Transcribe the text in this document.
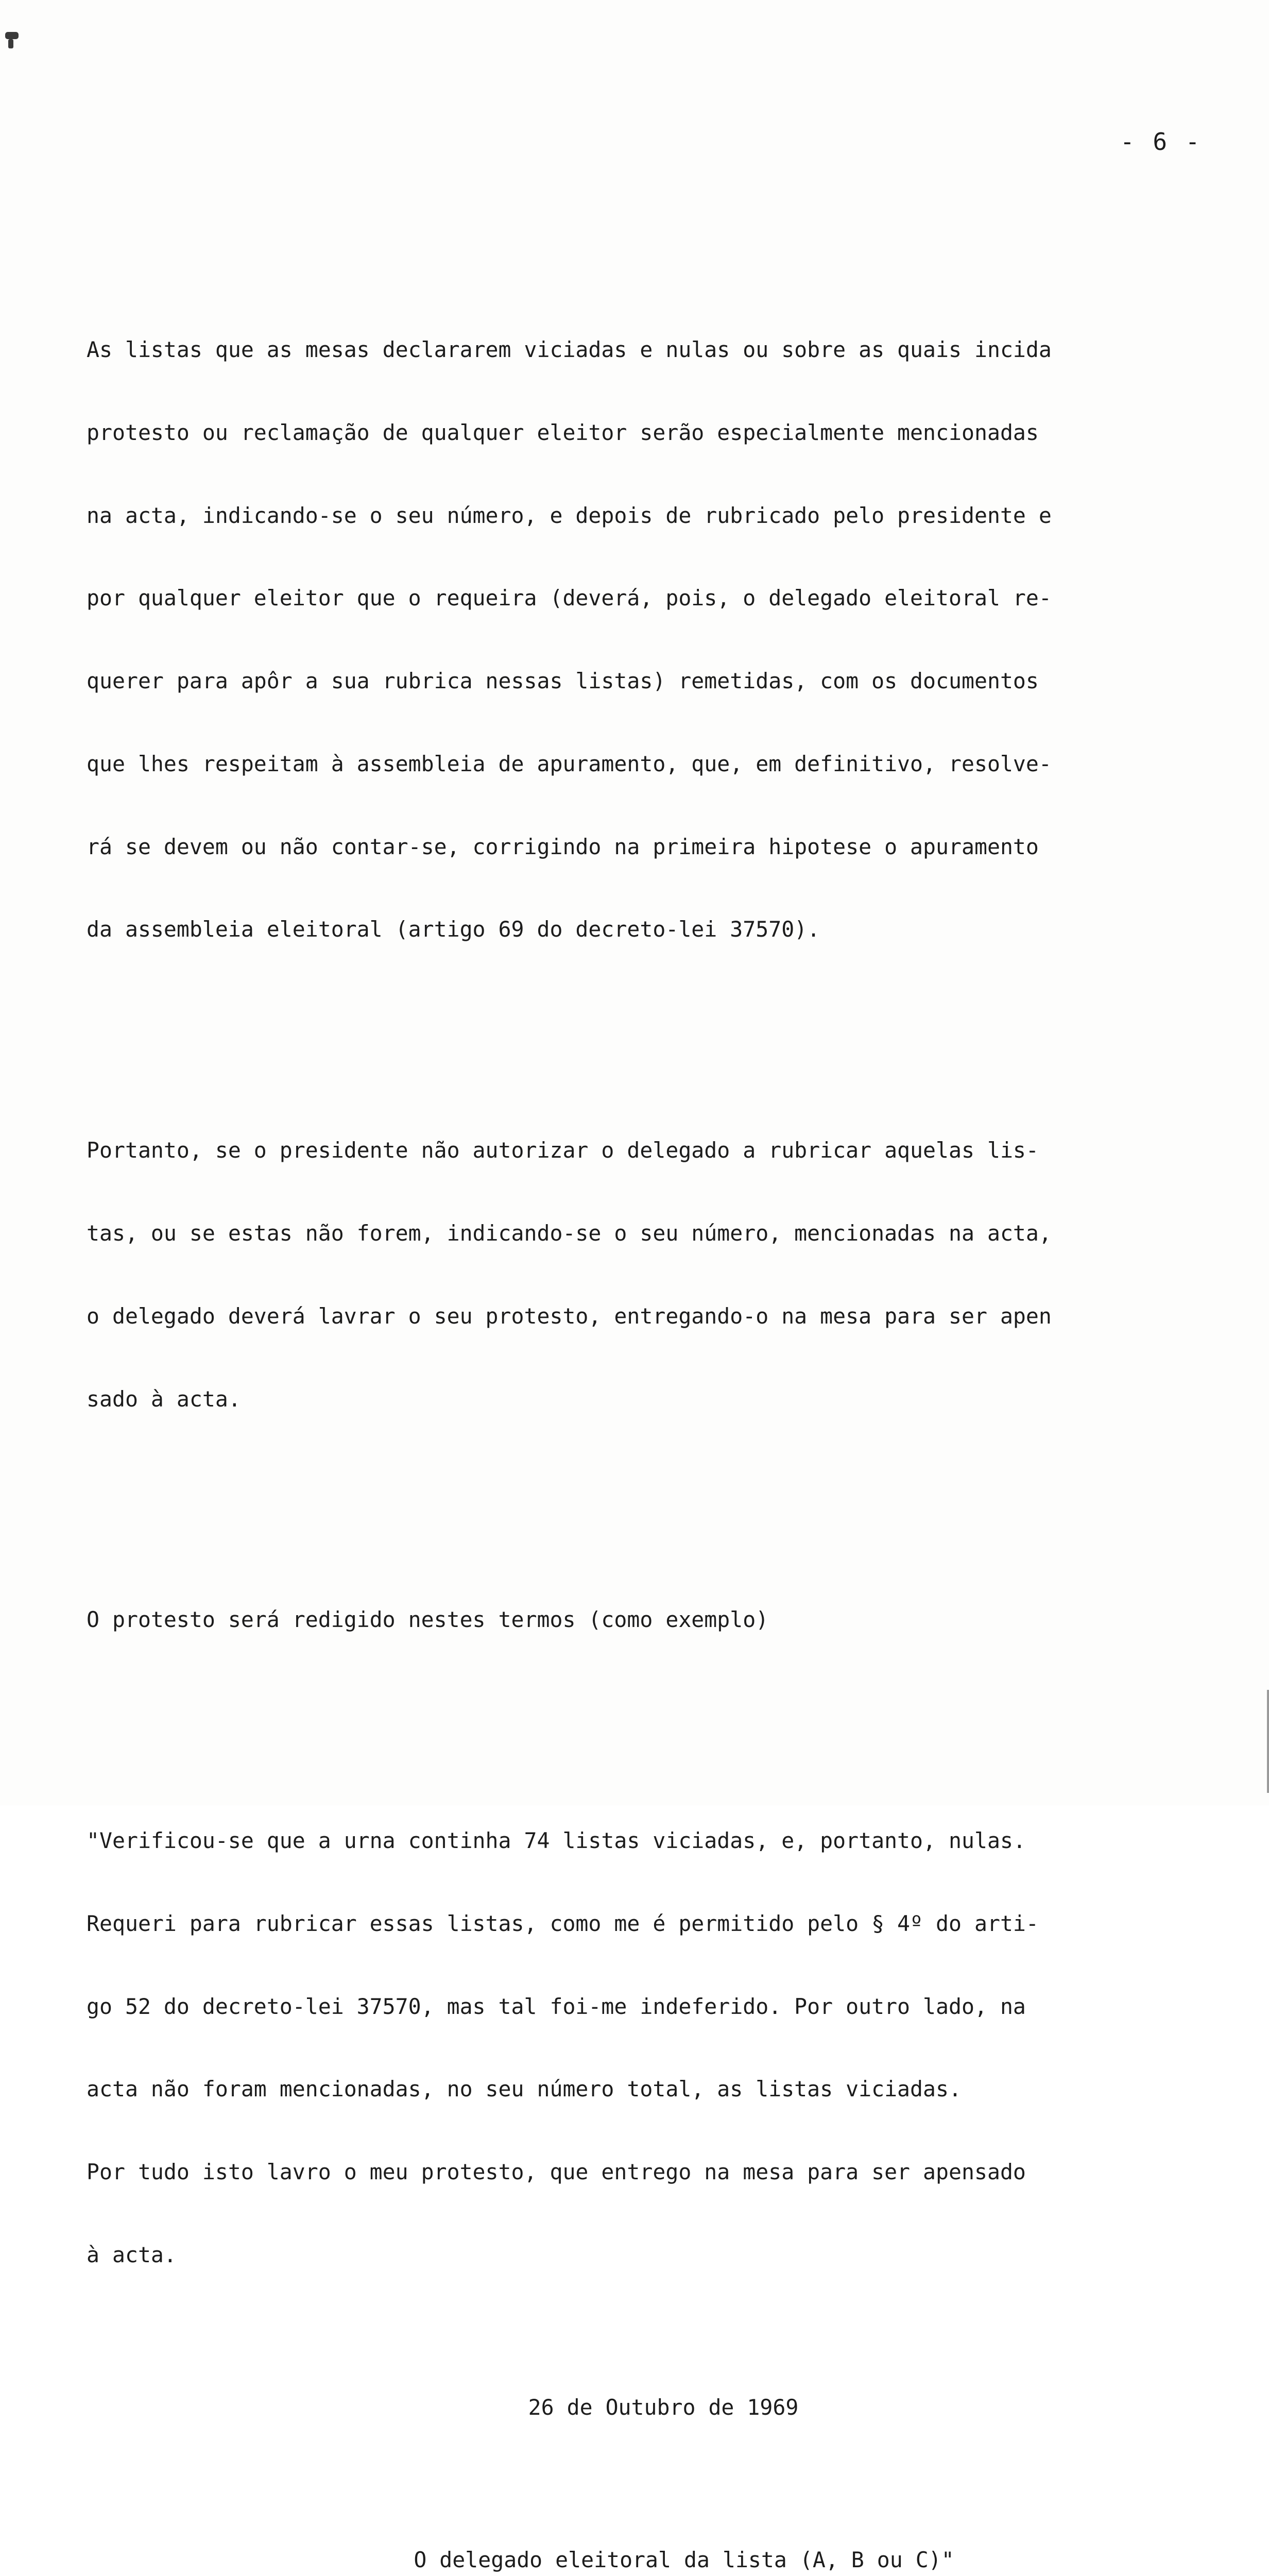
- 6 -

As listas que as mesas declararem viciadas e nulas ou sobre as quais incida

protesto ou reclamação de qualquer eleitor serão especialmente mencionadas

na acta, indicando-se o seu número, e depois de rubricado pelo presidente e

por qualquer eleitor que o requeira (deverá, pois, o delegado eleitoral re-

querer para apôr a sua rubrica nessas listas) remetidas, com os documentos

que lhes respeitam à assembleia de apuramento, que, em definitivo, resolve-

rá se devem ou não contar-se, corrigindo na primeira hipotese o apuramento

da assembleia eleitoral (artigo 69 do decreto-lei 37570).

Portanto, se o presidente não autorizar o delegado a rubricar aquelas lis-

tas, ou se estas não forem, indicando-se o seu número, mencionadas na acta,

o delegado deverá lavrar o seu protesto, entregando-o na mesa para ser apen

sado à acta.

O protesto será redigido nestes termos (como exemplo)

"Verificou-se que a urna continha 74 listas viciadas, e, portanto, nulas.

Requeri para rubricar essas listas, como me é permitido pelo § 4º do arti-

go 52 do decreto-lei 37570, mas tal foi-me indeferido. Por outro lado, na

acta não foram mencionadas, no seu número total, as listas viciadas.

Por tudo isto lavro o meu protesto, que entrego na mesa para ser apensado

à acta.

26 de Outubro de 1969

O delegado eleitoral da lista (A, B ou C)"
